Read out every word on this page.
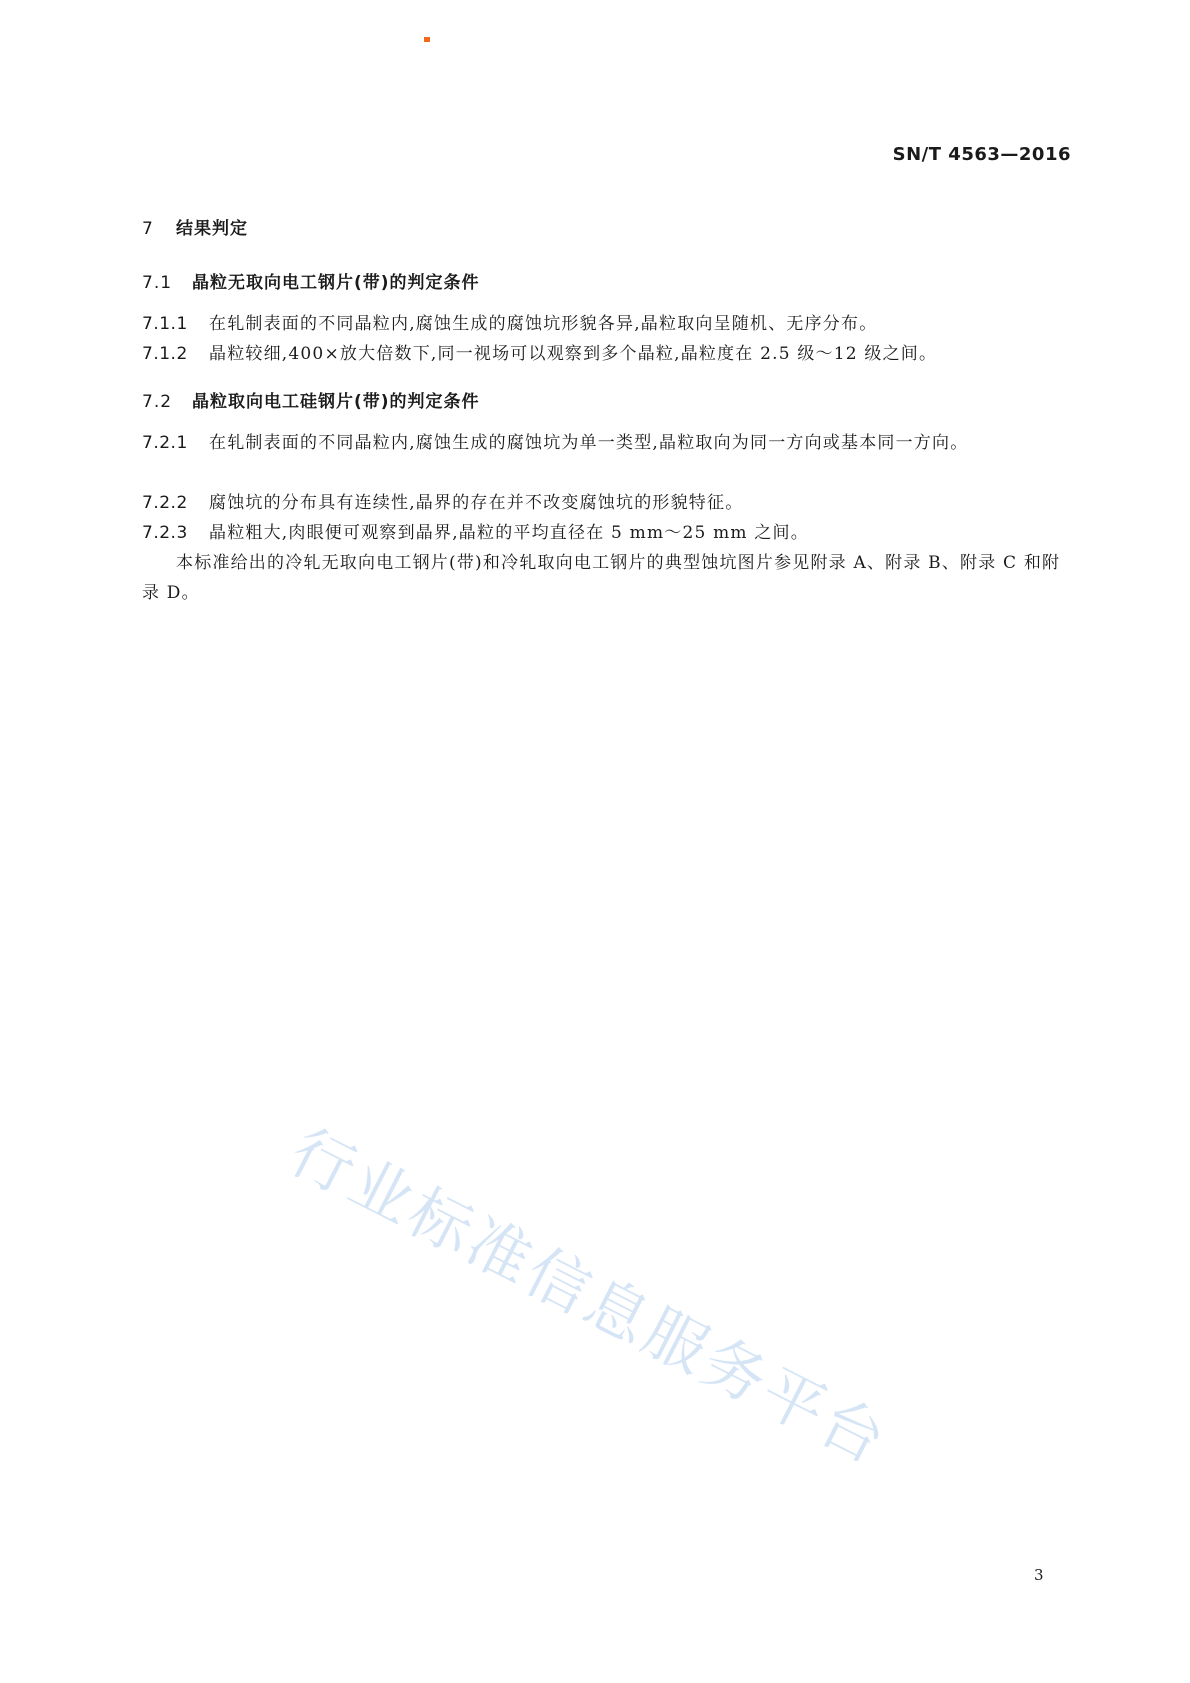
SN/T 4563—2016
7 结果判定
7.1 晶粒无取向电工钢片(带)的判定条件
7.1.1 在轧制表面的不同晶粒内,腐蚀生成的腐蚀坑形貌各异,晶粒取向呈随机、无序分布。
7.1.2 晶粒较细,400×放大倍数下,同一视场可以观察到多个晶粒,晶粒度在 2.5 级～12 级之间。
7.2 晶粒取向电工硅钢片(带)的判定条件
7.2.1 在轧制表面的不同晶粒内,腐蚀生成的腐蚀坑为单一类型,晶粒取向为同一方向或基本同一方向。
7.2.2 腐蚀坑的分布具有连续性,晶界的存在并不改变腐蚀坑的形貌特征。
7.2.3 晶粒粗大,肉眼便可观察到晶界,晶粒的平均直径在 5 mm～25 mm 之间。
本标准给出的冷轧无取向电工钢片(带)和冷轧取向电工钢片的典型蚀坑图片参见附录 A、附录 B、附录 C 和附录 D。
行业标准信息服务平台
3
